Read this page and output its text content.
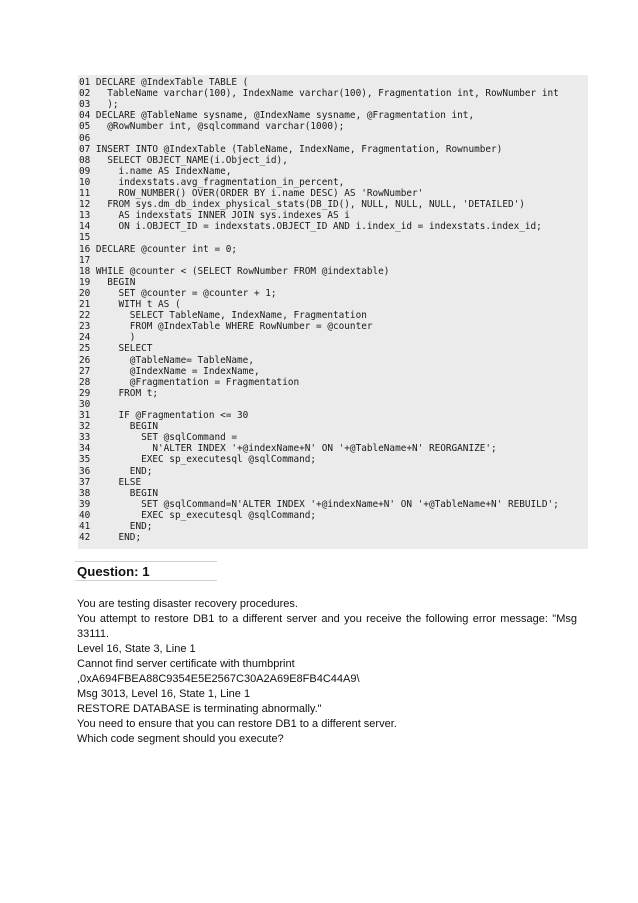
01 DECLARE @IndexTable TABLE (
02   TableName varchar(100), IndexName varchar(100), Fragmentation int, RowNumber int
03   );
04 DECLARE @TableName sysname, @IndexName sysname, @Fragmentation int,
05   @RowNumber int, @sqlcommand varchar(1000);
06
07 INSERT INTO @IndexTable (TableName, IndexName, Fragmentation, Rownumber)
08   SELECT OBJECT_NAME(i.Object_id),
09     i.name AS IndexName,
10     indexstats.avg_fragmentation_in_percent,
11     ROW_NUMBER() OVER(ORDER BY i.name DESC) AS 'RowNumber'
12   FROM sys.dm_db_index_physical_stats(DB_ID(), NULL, NULL, NULL, 'DETAILED')
13     AS indexstats INNER JOIN sys.indexes AS i
14     ON i.OBJECT_ID = indexstats.OBJECT_ID AND i.index_id = indexstats.index_id;
15
16 DECLARE @counter int = 0;
17
18 WHILE @counter < (SELECT RowNumber FROM @indextable)
19   BEGIN
20     SET @counter = @counter + 1;
21     WITH t AS (
22       SELECT TableName, IndexName, Fragmentation
23       FROM @IndexTable WHERE RowNumber = @counter
24       )
25     SELECT
26       @TableName= TableName,
27       @IndexName = IndexName,
28       @Fragmentation = Fragmentation
29     FROM t;
30
31     IF @Fragmentation <= 30
32       BEGIN
33         SET @sqlCommand =
34           N'ALTER INDEX '+@indexName+N' ON '+@TableName+N' REORGANIZE';
35         EXEC sp_executesql @sqlCommand;
36       END;
37     ELSE
38       BEGIN
39         SET @sqlCommand=N'ALTER INDEX '+@indexName+N' ON '+@TableName+N' REBUILD';
40         EXEC sp_executesql @sqlCommand;
41       END;
42     END;
Question: 1
You are testing disaster recovery procedures.
You attempt to restore DB1 to a different server and you receive the following error message: "Msg
33111.
Level 16, State 3, Line 1
Cannot find server certificate with thumbprint
,0xA694FBEA88C9354E5E2567C30A2A69E8FB4C44A9\
Msg 3013, Level 16, State 1, Line 1
RESTORE DATABASE is terminating abnormally."
You need to ensure that you can restore DB1 to a different server.
Which code segment should you execute?
